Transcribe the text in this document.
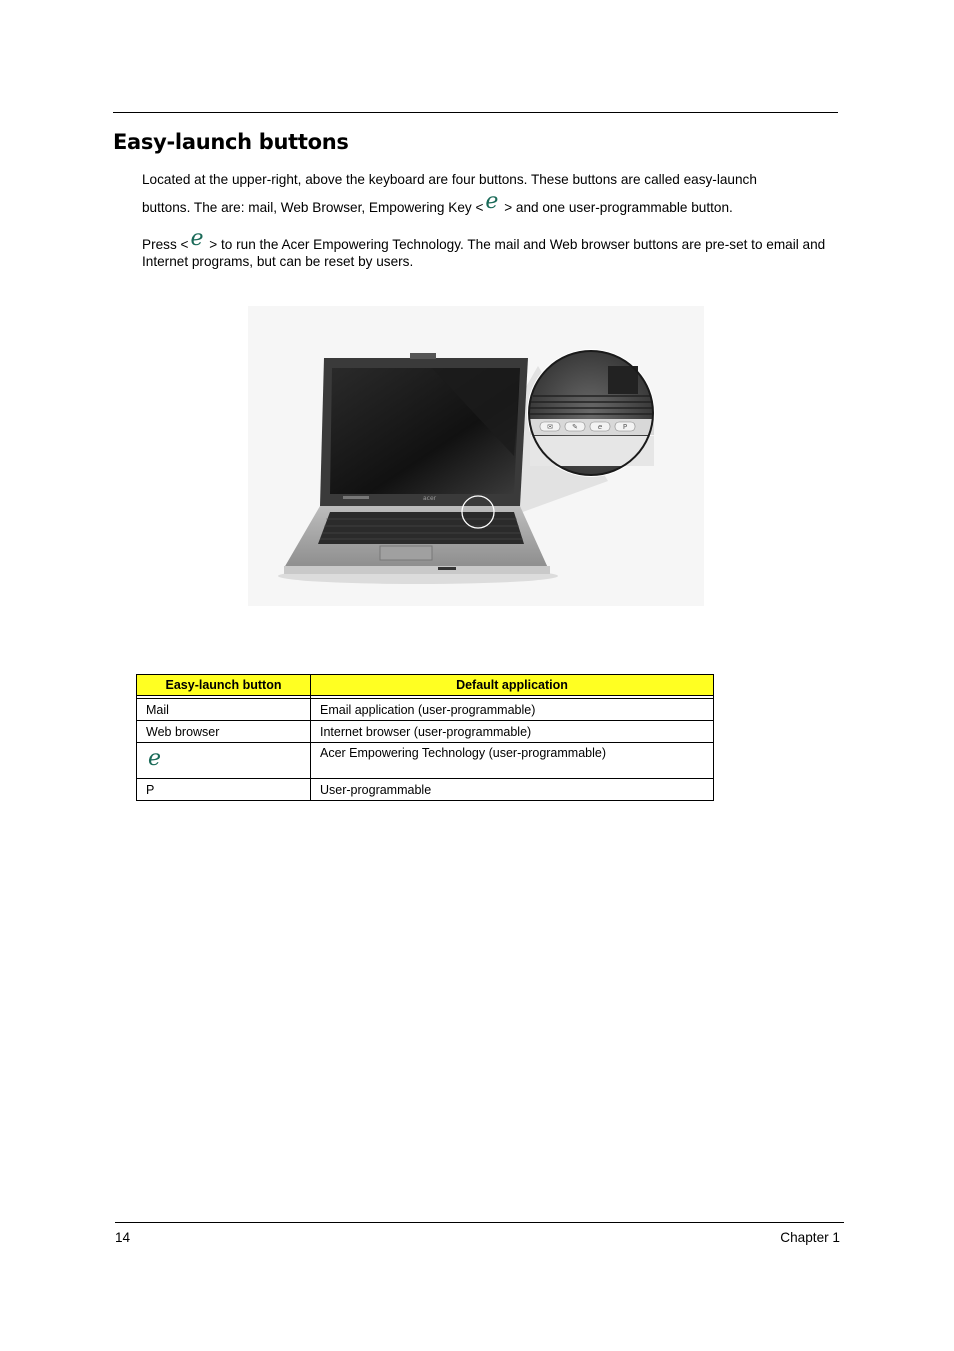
Easy-launch buttons
Located at the upper-right, above the keyboard are four buttons. These buttons are called easy-launch
buttons. The are: mail, Web Browser, Empowering Key <e > and one user-programmable button.
Press <e > to run the Acer Empowering Technology. The mail and Web browser buttons are pre-set to email and Internet programs, but can be reset by users.
acer
✉	✎	e	P
Easy-launch button	Default application

Mail	Email application (user-programmable)
Web browser	Internet browser (user-programmable)
e	Acer Empowering Technology (user-programmable)
P	User-programmable
14	Chapter 1
